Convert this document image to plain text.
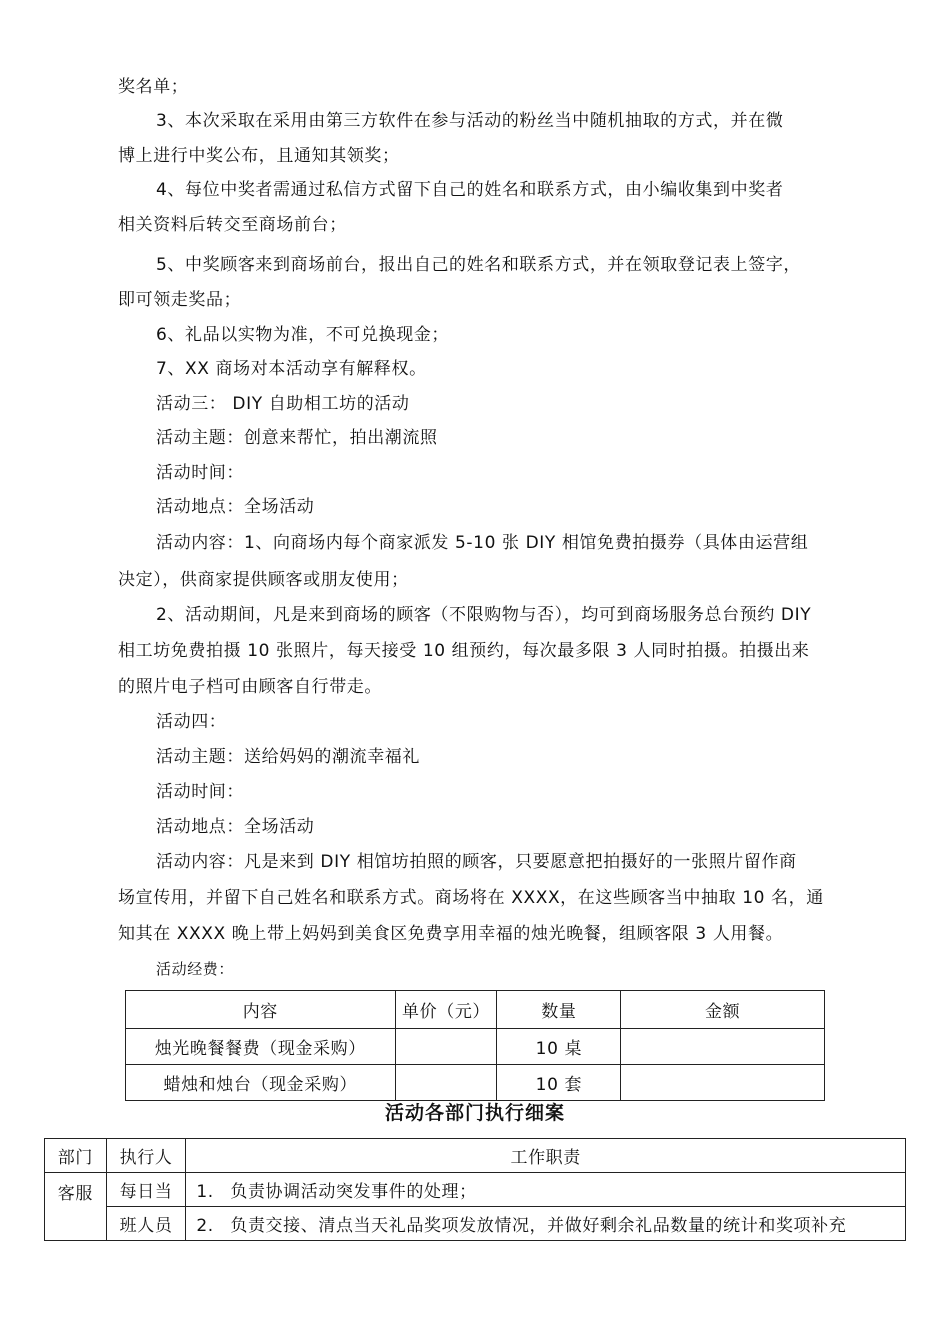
奖名单；

3、本次采取在采用由第三方软件在参与活动的粉丝当中随机抽取的方式，并在微

博上进行中奖公布，且通知其领奖；

4、每位中奖者需通过私信方式留下自己的姓名和联系方式，由小编收集到中奖者

相关资料后转交至商场前台；

5、中奖顾客来到商场前台，报出自己的姓名和联系方式，并在领取登记表上签字，

即可领走奖品；

6、礼品以实物为准，不可兑换现金；

7、XX 商场对本活动享有解释权。

活动三： DIY 自助相工坊的活动

活动主题：创意来帮忙，拍出潮流照

活动时间：

活动地点：全场活动

活动内容：1、向商场内每个商家派发 5-10 张 DIY 相馆免费拍摄券（具体由运营组

决定），供商家提供顾客或朋友使用；

2、活动期间，凡是来到商场的顾客（不限购物与否），均可到商场服务总台预约 DIY

相工坊免费拍摄 10 张照片，每天接受 10 组预约，每次最多限 3 人同时拍摄。拍摄出来

的照片电子档可由顾客自行带走。

活动四：

活动主题：送给妈妈的潮流幸福礼

活动时间：

活动地点：全场活动

活动内容：凡是来到 DIY 相馆坊拍照的顾客，只要愿意把拍摄好的一张照片留作商

场宣传用，并留下自己姓名和联系方式。商场将在 XXXX，在这些顾客当中抽取 10 名，通

知其在 XXXX 晚上带上妈妈到美食区免费享用幸福的烛光晚餐，组顾客限 3 人用餐。

活动经费：

内容	单价（元）	数量	金额
烛光晚餐餐费（现金采购）		10 桌	
蜡烛和烛台（现金采购）		10 套	
活动各部门执行细案
部门	执行人	工作职责
客服	每日当	1. 负责协调活动突发事件的处理；
	班人员	2. 负责交接、清点当天礼品奖项发放情况，并做好剩余礼品数量的统计和奖项补充
